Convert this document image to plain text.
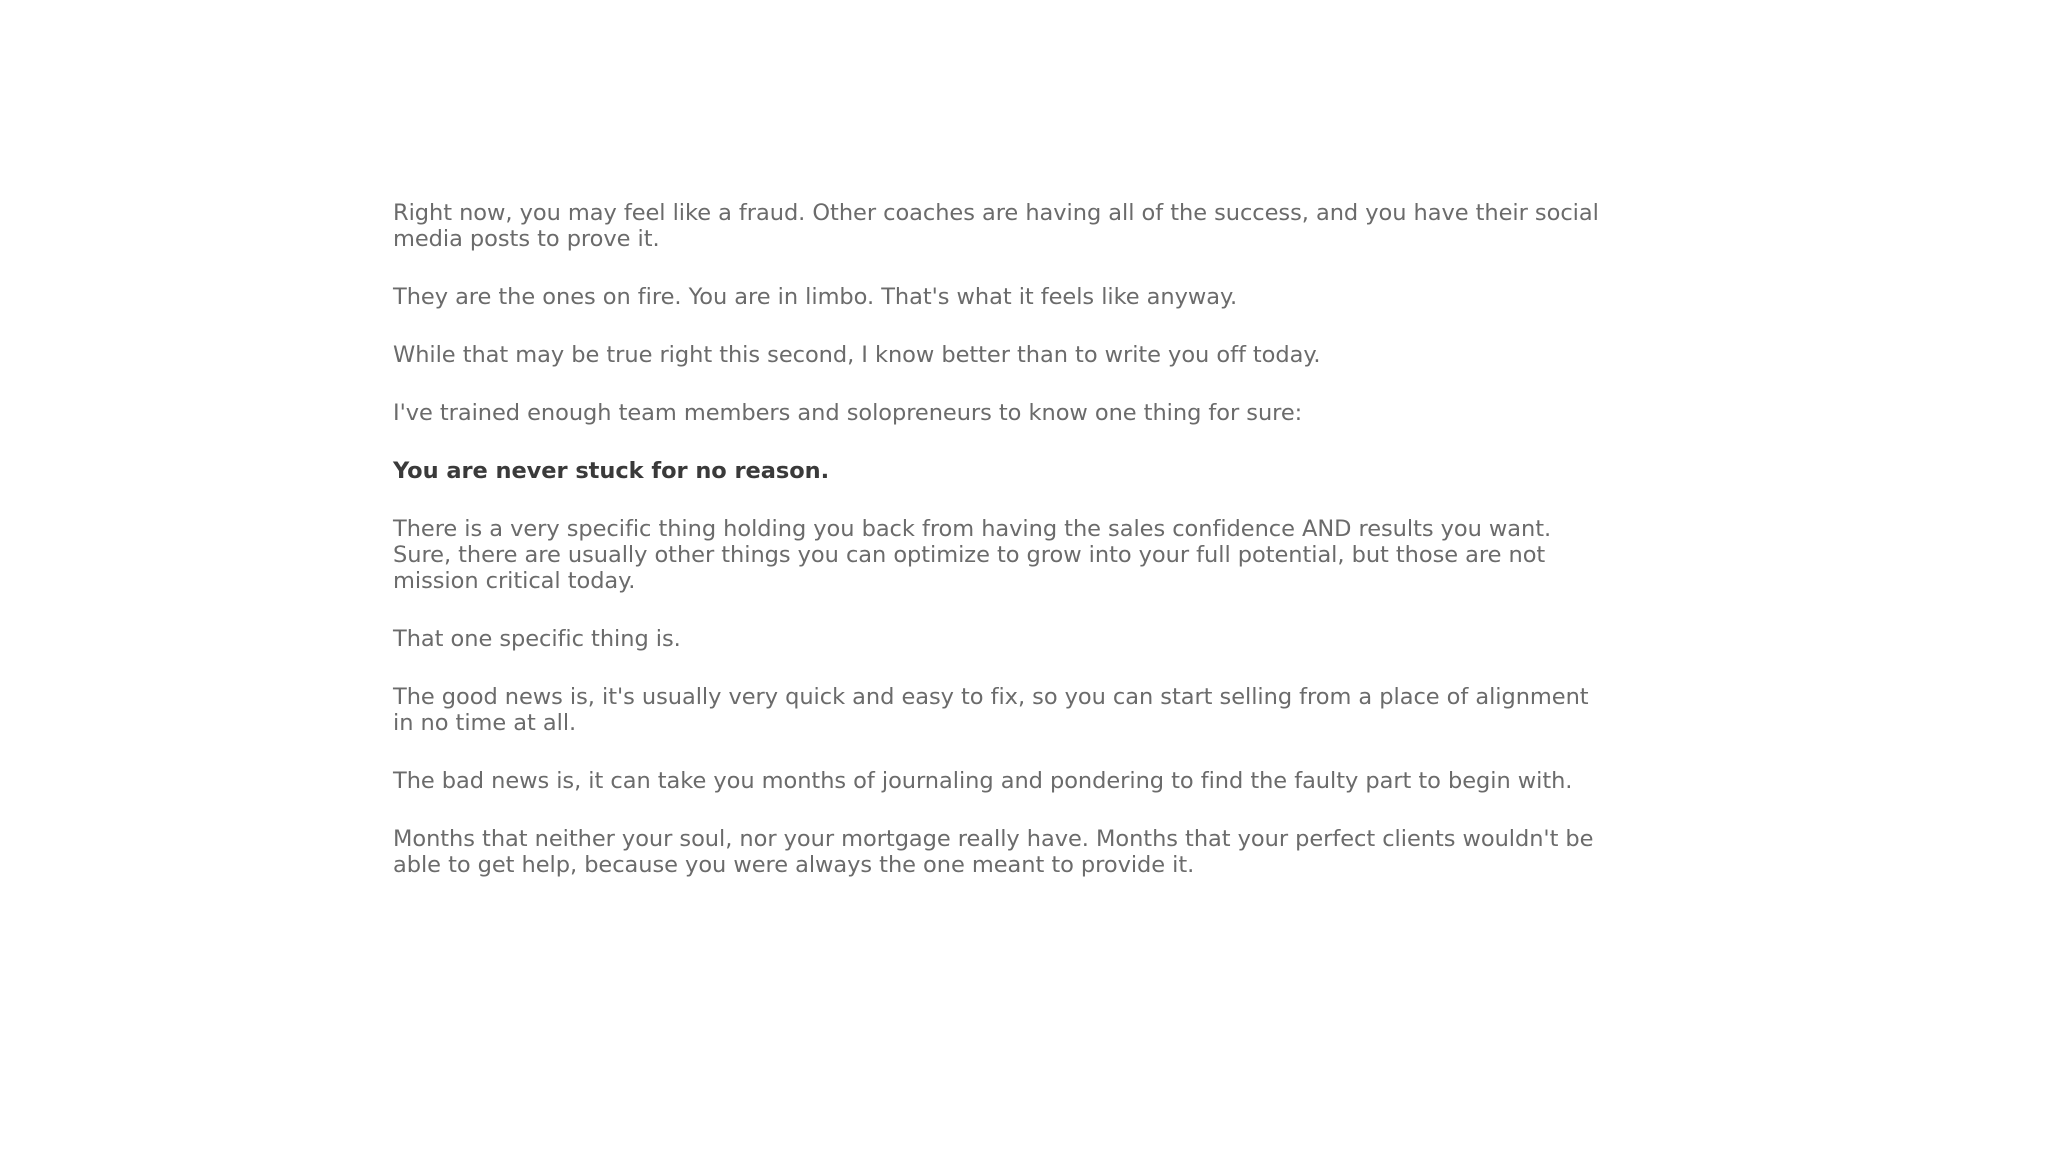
Right now, you may feel like a fraud. Other coaches are having all of the success, and you have their social media posts to prove it.

They are the ones on fire. You are in limbo. That's what it feels like anyway.

While that may be true right this second, I know better than to write you off today.

I've trained enough team members and solopreneurs to know one thing for sure:

You are never stuck for no reason.

There is a very specific thing holding you back from having the sales confidence AND results you want. Sure, there are usually other things you can optimize to grow into your full potential, but those are not mission critical today.

That one specific thing is.

The good news is, it's usually very quick and easy to fix, so you can start selling from a place of alignment in no time at all.

The bad news is, it can take you months of journaling and pondering to find the faulty part to begin with.

Months that neither your soul, nor your mortgage really have. Months that your perfect clients wouldn't be able to get help, because you were always the one meant to provide it.
